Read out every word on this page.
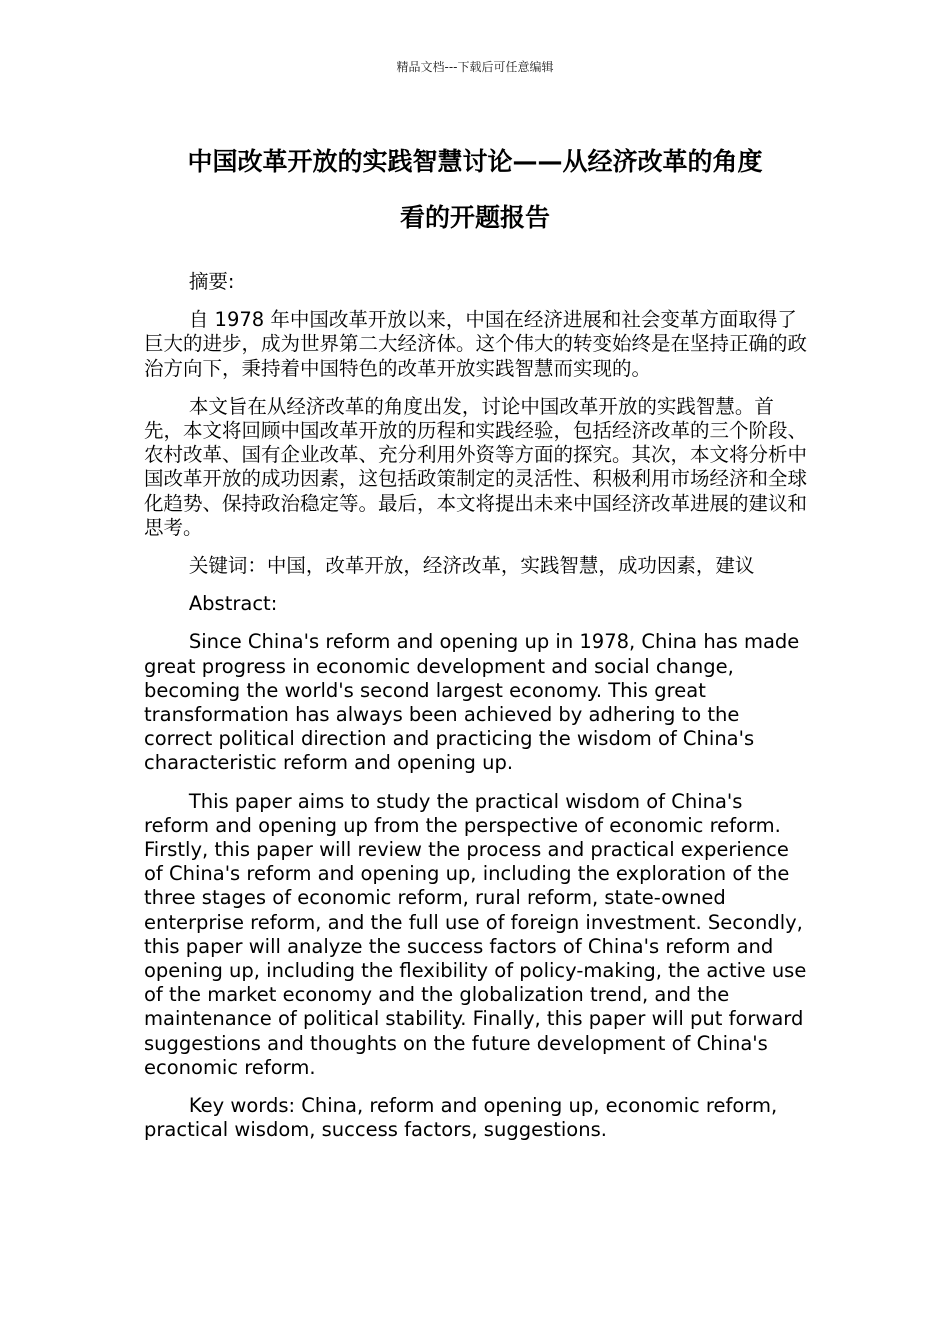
精品文档---下载后可任意编辑
中国改革开放的实践智慧讨论——从经济改革的角度
看的开题报告

摘要:

自 1978 年中国改革开放以来，中国在经济进展和社会变革方面取得了巨大的进步，成为世界第二大经济体。这个伟大的转变始终是在坚持正确的政治方向下，秉持着中国特色的改革开放实践智慧而实现的。

本文旨在从经济改革的角度出发，讨论中国改革开放的实践智慧。首先，本文将回顾中国改革开放的历程和实践经验，包括经济改革的三个阶段、农村改革、国有企业改革、充分利用外资等方面的探究。其次，本文将分析中国改革开放的成功因素，这包括政策制定的灵活性、积极利用市场经济和全球化趋势、保持政治稳定等。最后，本文将提出未来中国经济改革进展的建议和思考。

关键词：中国，改革开放，经济改革，实践智慧，成功因素，建议

Abstract:

Since China's reform and opening up in 1978, China has made great progress in economic development and social change, becoming the world's second largest economy. This great transformation has always been achieved by adhering to the correct political direction and practicing the wisdom of China's characteristic reform and opening up.

This paper aims to study the practical wisdom of China's reform and opening up from the perspective of economic reform. Firstly, this paper will review the process and practical experience of China's reform and opening up, including the exploration of the three stages of economic reform, rural reform, state-owned enterprise reform, and the full use of foreign investment. Secondly, this paper will analyze the success factors of China's reform and opening up, including the flexibility of policy-making, the active use of the market economy and the globalization trend, and the maintenance of political stability. Finally, this paper will put forward suggestions and thoughts on the future development of China's economic reform.

Key words: China, reform and opening up, economic reform, practical wisdom, success factors, suggestions.
